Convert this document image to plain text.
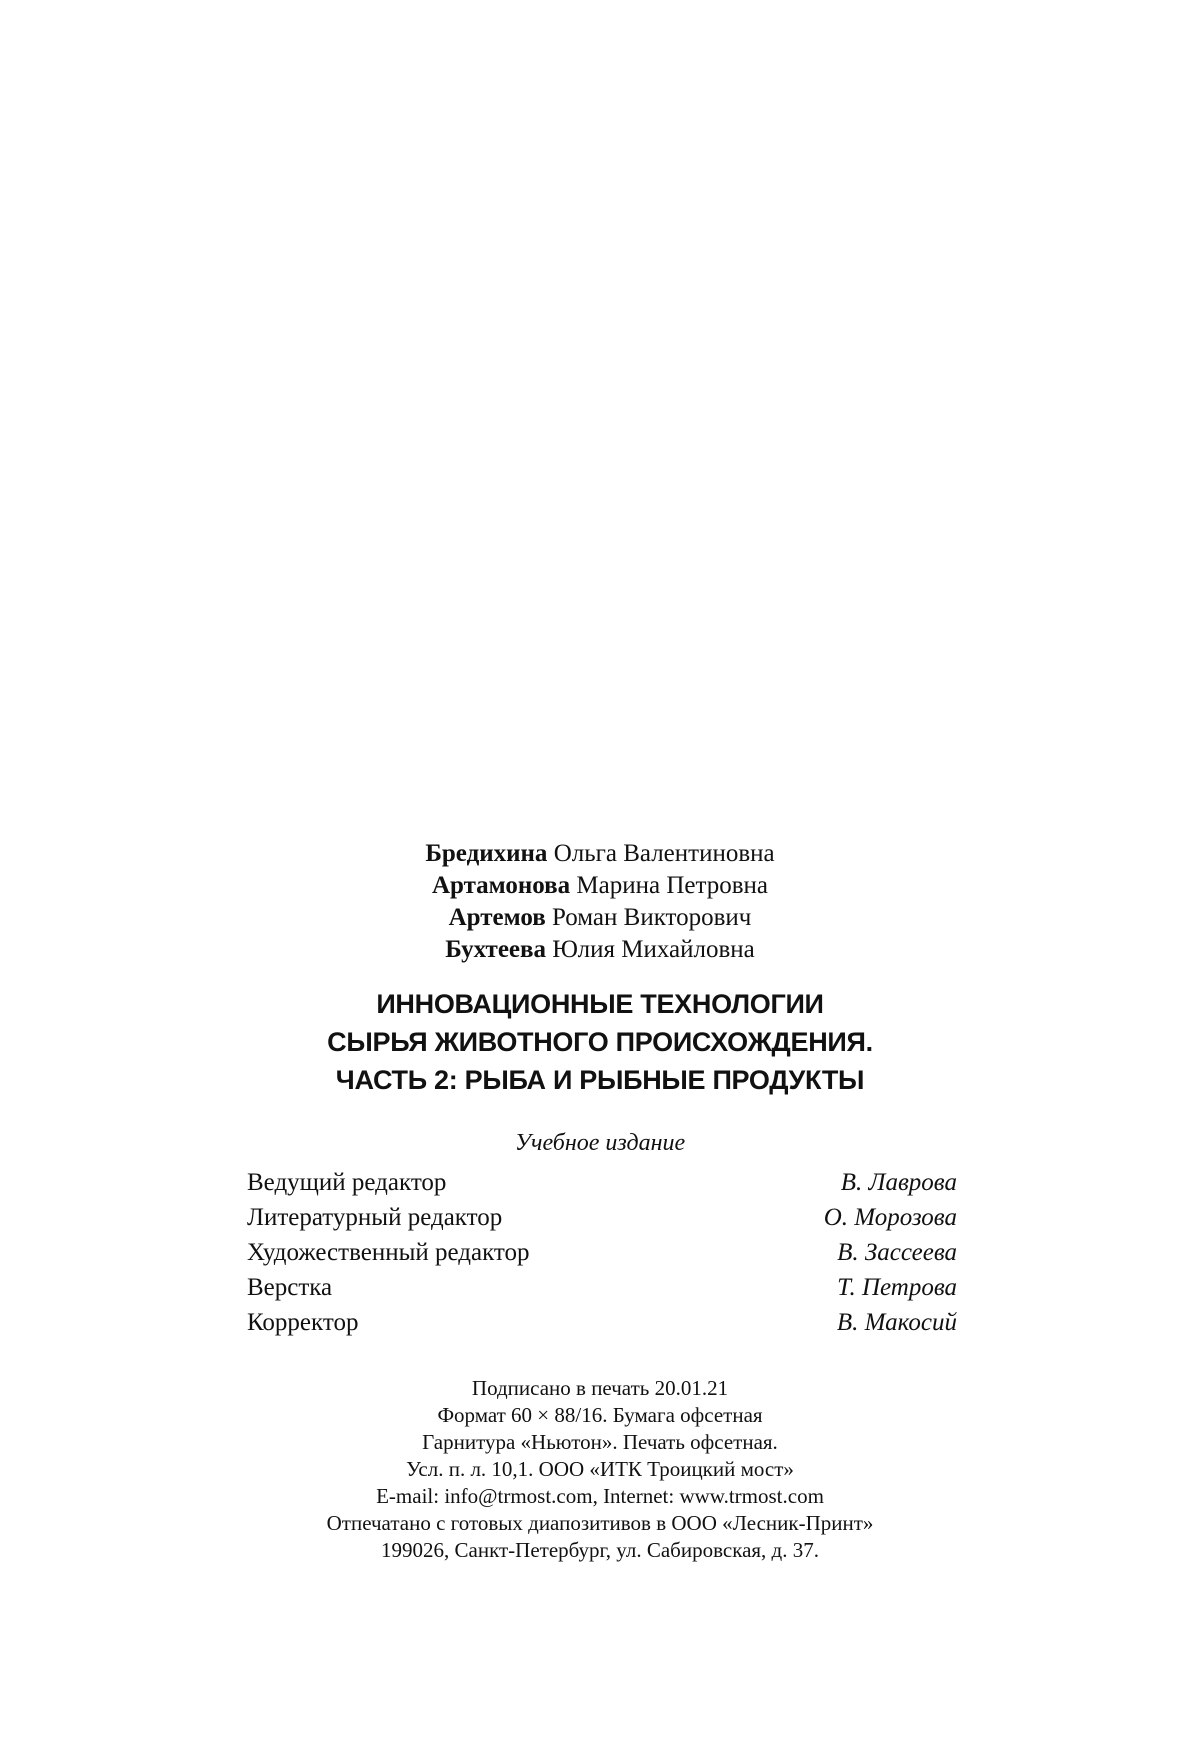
Бредихина Ольга Валентиновна
Артамонова Марина Петровна
Артемов Роман Викторович
Бухтеева Юлия Михайловна
ИННОВАЦИОННЫЕ ТЕХНОЛОГИИ
СЫРЬЯ ЖИВОТНОГО ПРОИСХОЖДЕНИЯ.
ЧАСТЬ 2: РЫБА И РЫБНЫЕ ПРОДУКТЫ
Учебное издание
Ведущий редактор	В. Лаврова
Литературный редактор	О. Морозова
Художественный редактор	В. Зассеева
Верстка	Т. Петрова
Корректор	В. Макосий
Подписано в печать 20.01.21
Формат 60 × 88/16. Бумага офсетная
Гарнитура «Ньютон». Печать офсетная.
Усл. п. л. 10,1. ООО «ИТК Троицкий мост»
E-mail: info@trmost.com, Internet: www.trmost.com
Отпечатано с готовых диапозитивов в ООО «Лесник-Принт»
199026, Санкт-Петербург, ул. Сабировская, д. 37.
